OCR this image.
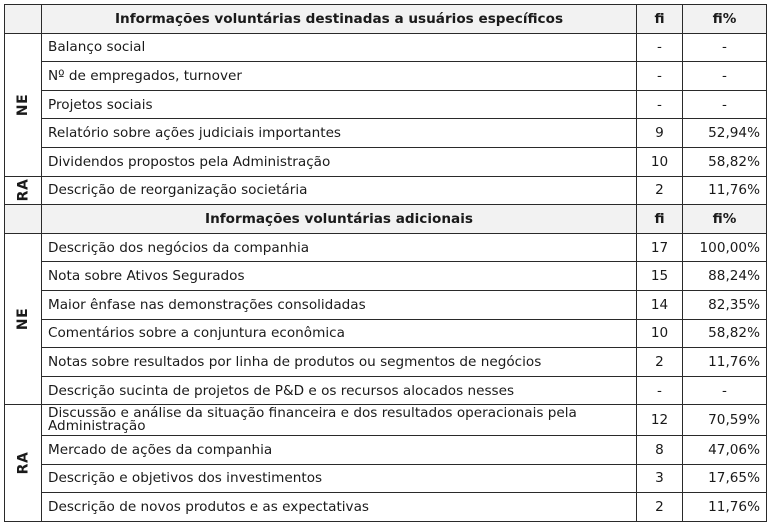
	Informações voluntárias destinadas a usuários específicos	fi	fi%
NE	Balanço social	-	-
	Nº de empregados, turnover	-	-
	Projetos sociais	-	-
	Relatório sobre ações judiciais importantes	9	52,94%
	Dividendos propostos pela Administração	10	58,82%
RA	Descrição de reorganização societária	2	11,76%
	Informações voluntárias adicionais	fi	fi%
NE	Descrição dos negócios da companhia	17	100,00%
	Nota sobre Ativos Segurados	15	88,24%
	Maior ênfase nas demonstrações consolidadas	14	82,35%
	Comentários sobre a conjuntura econômica	10	58,82%
	Notas sobre resultados por linha de produtos ou segmentos de negócios	2	11,76%
	Descrição sucinta de projetos de P&D e os recursos alocados nesses	-	-
RA	Discussão e análise da situação financeira e dos resultados operacionais pela Administração	12	70,59%
	Mercado de ações da companhia	8	47,06%
	Descrição e objetivos dos investimentos	3	17,65%
	Descrição de novos produtos e as expectativas	2	11,76%
